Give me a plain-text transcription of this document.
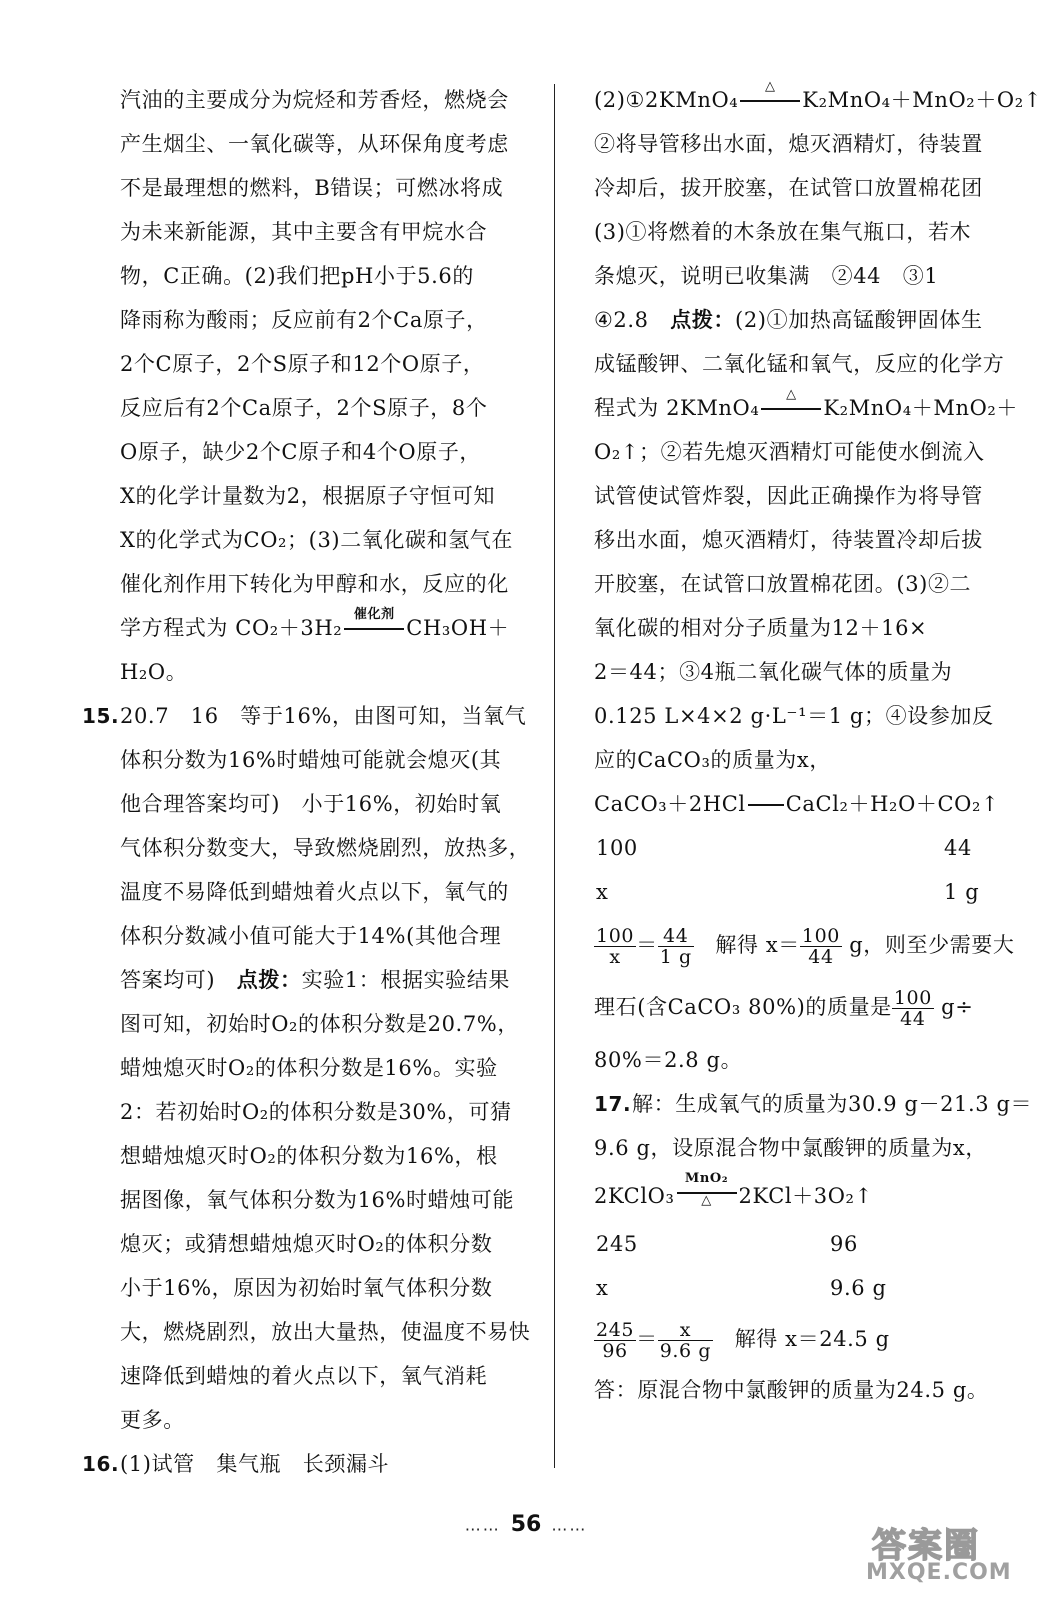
汽油的主要成分为烷烃和芳香烃，燃烧会
产生烟尘、一氧化碳等，从环保角度考虑
不是最理想的燃料，B错误；可燃冰将成
为未来新能源，其中主要含有甲烷水合
物，C正确。(2)我们把pH小于5.6的
降雨称为酸雨；反应前有2个Ca原子，
2个C原子，2个S原子和12个O原子，
反应后有2个Ca原子，2个S原子，8个
O原子，缺少2个C原子和4个O原子，
X的化学计量数为2，根据原子守恒可知
X的化学式为CO₂；(3)二氧化碳和氢气在
催化剂作用下转化为甲醇和水，反应的化
学方程式为 CO₂＋3H₂
催化剂
CH₃OH＋
H₂O。
15.20.7　16　等于16%，由图可知，当氧气
体积分数为16%时蜡烛可能就会熄灭(其
他合理答案均可)　小于16%，初始时氧
气体积分数变大，导致燃烧剧烈，放热多，
温度不易降低到蜡烛着火点以下，氧气的
体积分数减小值可能大于14%(其他合理
答案均可)　点拨：实验1：根据实验结果
图可知，初始时O₂的体积分数是20.7%，
蜡烛熄灭时O₂的体积分数是16%。实验
2：若初始时O₂的体积分数是30%，可猜
想蜡烛熄灭时O₂的体积分数为16%，根
据图像，氧气体积分数为16%时蜡烛可能
熄灭；或猜想蜡烛熄灭时O₂的体积分数
小于16%，原因为初始时氧气体积分数
大，燃烧剧烈，放出大量热，使温度不易快
速降低到蜡烛的着火点以下，氧气消耗
更多。
16.(1)试管　集气瓶　长颈漏斗
(2)①2KMnO₄
△
K₂MnO₄＋MnO₂＋O₂↑
②将导管移出水面，熄灭酒精灯，待装置
冷却后，拔开胶塞，在试管口放置棉花团
(3)①将燃着的木条放在集气瓶口，若木
条熄灭，说明已收集满　②44　③1
④2.8　点拨：(2)①加热高锰酸钾固体生
成锰酸钾、二氧化锰和氧气，反应的化学方
程式为 2KMnO₄
△
K₂MnO₄＋MnO₂＋
O₂↑；②若先熄灭酒精灯可能使水倒流入
试管使试管炸裂，因此正确操作为将导管
移出水面，熄灭酒精灯，待装置冷却后拔
开胶塞，在试管口放置棉花团。(3)②二
氧化碳的相对分子质量为12＋16×
2＝44；③4瓶二氧化碳气体的质量为
0.125 L×4×2 g·L⁻¹＝1 g；④设参加反
应的CaCO₃的质量为x，
CaCO₃＋2HCl CaCl₂＋H₂O＋CO₂↑
100	44
x	1 g
$\frac{100}{x} = \frac{44}{1 g}$ 　解得 $x= \frac{100}{44}$ g，则至少需要大
理石(含CaCO₃ 80%)的质量是 $\frac{100}{44} g\div$
80%＝2.8 g。
17.解：生成氧气的质量为30.9 g－21.3 g＝
9.6 g，设原混合物中氯酸钾的质量为x，
2KClO₃
MnO₂
△	2KCl＋3O₂↑
245	96
x	9.6 g
$\frac{245}{96} = \frac{x}{9.6 g}$ 　解得 x＝24.5 g
答：原混合物中氯酸钾的质量为24.5 g。
…… 56 ……
答案圈
MXQE.COM
